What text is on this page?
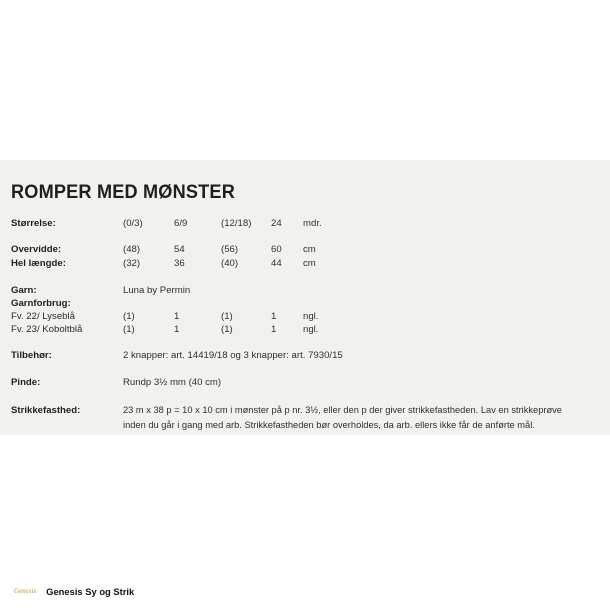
ROMPER MED MØNSTER
Størrelse:	(0/3)	6/9	(12/18) 24 mdr.
Overvidde:	(48)	54	(56)	60 cm
Hel længde:	(32)	36	(40)	44 cm
Garn:	Luna by Permin
Garnforbrug:
Fv. 22/ Lyseblå	(1)	1	(1)	1	ngl.
Fv. 23/ Koboltblå	(1)	1	(1)	1	ngl.
Tilbehør:	2 knapper: art. 14419/18 og 3 knapper: art. 7930/15
Pinde:	Rundp 3½ mm (40 cm)
Strikkefasthed:	23 m x 38 p = 10 x 10 cm i mønster på p nr. 3½, eller den p der giver strikkefastheden. Lav en strikkeprøve
inden du går i gang med arb. Strikkefastheden bør overholdes, da arb. ellers ikke får de anførte mål.
Genesis Genesis Sy og Strik
